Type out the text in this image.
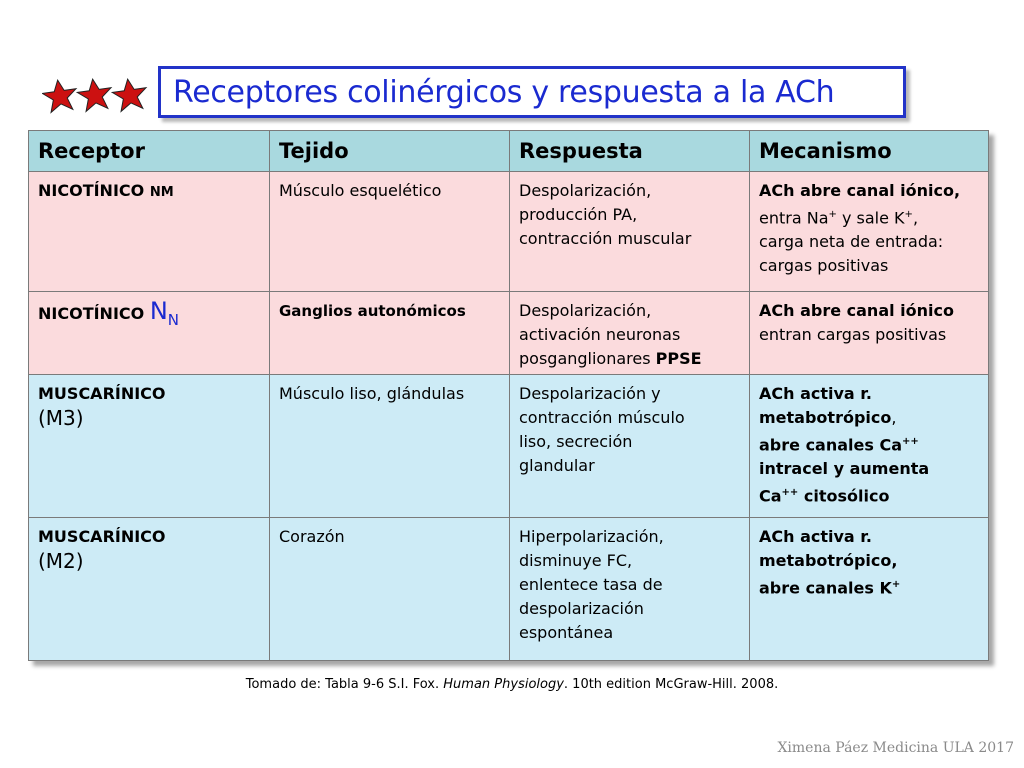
Receptores colinérgicos y respuesta a la ACh
Receptor	Tejido	Respuesta	Mecanismo
NICOTÍNICO NM	Músculo esquelético	Despolarización,
producción PA,
contracción muscular	ACh abre canal iónico,
entra Na+ y sale K+,
carga neta de entrada:
cargas positivas

NICOTÍNICO $N_N$	Ganglios autonómicos	Despolarización,
activación neuronas
posganglionares PPSE	ACh abre canal iónico
entran cargas positivas

MUSCARÍNICO
(M3)	Músculo liso, glándulas	Despolarización y
contracción músculo
liso, secreción
glandular	ACh activa r.
metabotrópico,
abre canales Ca++
intracel y aumenta
Ca++ citosólico

MUSCARÍNICO
(M2)	Corazón	Hiperpolarización,
disminuye FC,
enlentece tasa de
despolarización
espontánea	ACh activa r.
metabotrópico,
abre canales K+
Tomado de: Tabla 9-6 S.I. Fox. Human Physiology. 10th edition McGraw-Hill. 2008.
Ximena Páez Medicina ULA 2017
